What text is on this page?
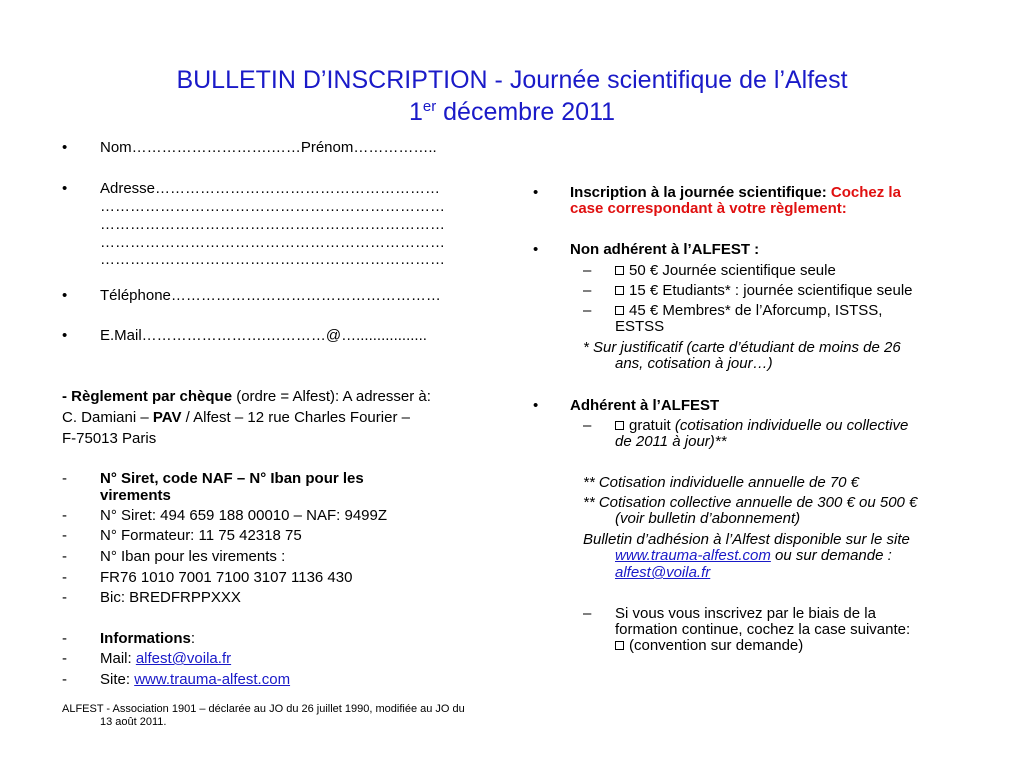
BULLETIN D’INSCRIPTION - Journée scientifique de l’Alfest
1er décembre 2011
• Nom……………………….……Prénom……………..
• Adresse…………………………………………………
……………………………………………………………
……………………………………………………………
……………………………………………………………
……………………………………………………………
• Téléphone………………………………………………
• E.Mail…………………….…………@….................
- Règlement par chèque (ordre = Alfest): A adresser à:
C. Damiani – PAV / Alfest – 12 rue Charles Fourier –
F-75013 Paris
- N° Siret, code NAF – N° Iban pour les
virements
- N° Siret: 494 659 188 00010 – NAF: 9499Z
- N° Formateur: 11 75 42318 75
- N° Iban pour les virements :
- FR76 1010 7001 7100 3107 1136 430
- Bic: BREDFRPPXXX
- Informations:
- Mail: alfest@voila.fr
- Site: www.trauma-alfest.com
ALFEST - Association 1901 – déclarée au JO du 26 juillet 1990, modifiée au JO du
13 août 2011.
• Inscription à la journée scientifique: Cochez la
case correspondant à votre règlement:
• Non adhérent à l’ALFEST :
–	50 € Journée scientifique seule
–	15 € Etudiants* : journée scientifique seule
–	45 € Membres* de l’Aforcump, ISTSS,
ESTSS
* Sur justificatif (carte d’étudiant de moins de 26
ans, cotisation à jour…)
• Adhérent à l’ALFEST
–	gratuit (cotisation individuelle ou collective
de 2011 à jour)**
** Cotisation individuelle annuelle de 70 €
** Cotisation collective annuelle de 300 € ou 500 €
(voir bulletin d’abonnement)
Bulletin d’adhésion à l’Alfest disponible sur le site
www.trauma-alfest.com ou sur demande :
alfest@voila.fr
– Si vous vous inscrivez par le biais de la
formation continue, cochez la case suivante:
(convention sur demande)
